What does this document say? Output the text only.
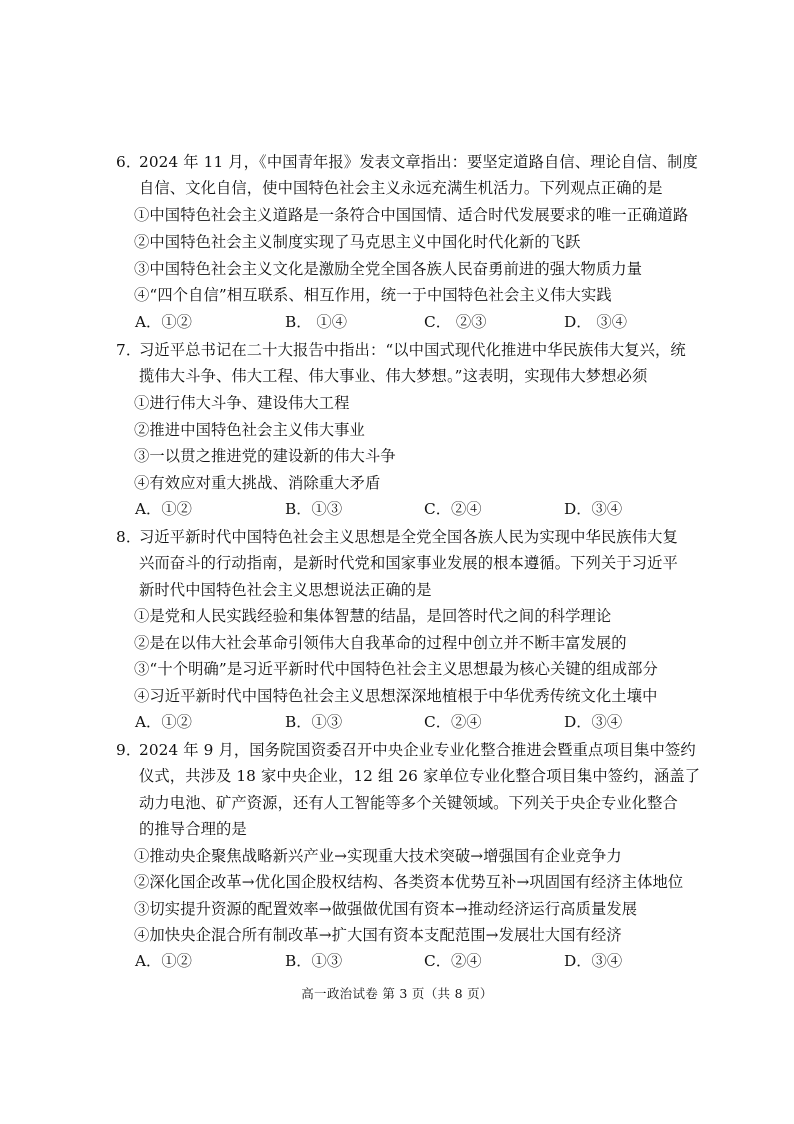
6．
2024 年 11 月，《中国青年报》发表文章指出：要坚定道路自信、理论自信、制度
自信、文化自信，使中国特色社会主义永远充满生机活力。下列观点正确的是
①中国特色社会主义道路是一条符合中国国情、适合时代发展要求的唯一正确道路
②中国特色社会主义制度实现了马克思主义中国化时代化新的飞跃
③中国特色社会主义文化是激励全党全国各族人民奋勇前进的强大物质力量
④“四个自信”相互联系、相互作用，统一于中国特色社会主义伟大实践
A．①②	B． ①④	C． ②③	D． ③④
7．
习近平总书记在二十大报告中指出：“以中国式现代化推进中华民族伟大复兴，统
揽伟大斗争、伟大工程、伟大事业、伟大梦想。”这表明，实现伟大梦想必须
①进行伟大斗争、建设伟大工程
②推进中国特色社会主义伟大事业
③一以贯之推进党的建设新的伟大斗争
④有效应对重大挑战、消除重大矛盾
A．①②	B．①③	C．②④	D．③④
8．
习近平新时代中国特色社会主义思想是全党全国各族人民为实现中华民族伟大复
兴而奋斗的行动指南，是新时代党和国家事业发展的根本遵循。下列关于习近平
新时代中国特色社会主义思想说法正确的是
①是党和人民实践经验和集体智慧的结晶，是回答时代之间的科学理论
②是在以伟大社会革命引领伟大自我革命的过程中创立并不断丰富发展的
③“十个明确”是习近平新时代中国特色社会主义思想最为核心关键的组成部分
④习近平新时代中国特色社会主义思想深深地植根于中华优秀传统文化土壤中
A．①②	B．①③	C．②④	D．③④
9．
2024 年 9 月，国务院国资委召开中央企业专业化整合推进会暨重点项目集中签约
仪式，共涉及 18 家中央企业，12 组 26 家单位专业化整合项目集中签约，涵盖了
动力电池、矿产资源，还有人工智能等多个关键领域。下列关于央企专业化整合
的推导合理的是
①推动央企聚焦战略新兴产业→实现重大技术突破→增强国有企业竞争力
②深化国企改革→优化国企股权结构、各类资本优势互补→巩固国有经济主体地位
③切实提升资源的配置效率→做强做优国有资本→推动经济运行高质量发展
④加快央企混合所有制改革→扩大国有资本支配范围→发展壮大国有经济
A．①②	B．①③	C．②④	D．③④
高一政治试卷 第 3 页（共 8 页）
